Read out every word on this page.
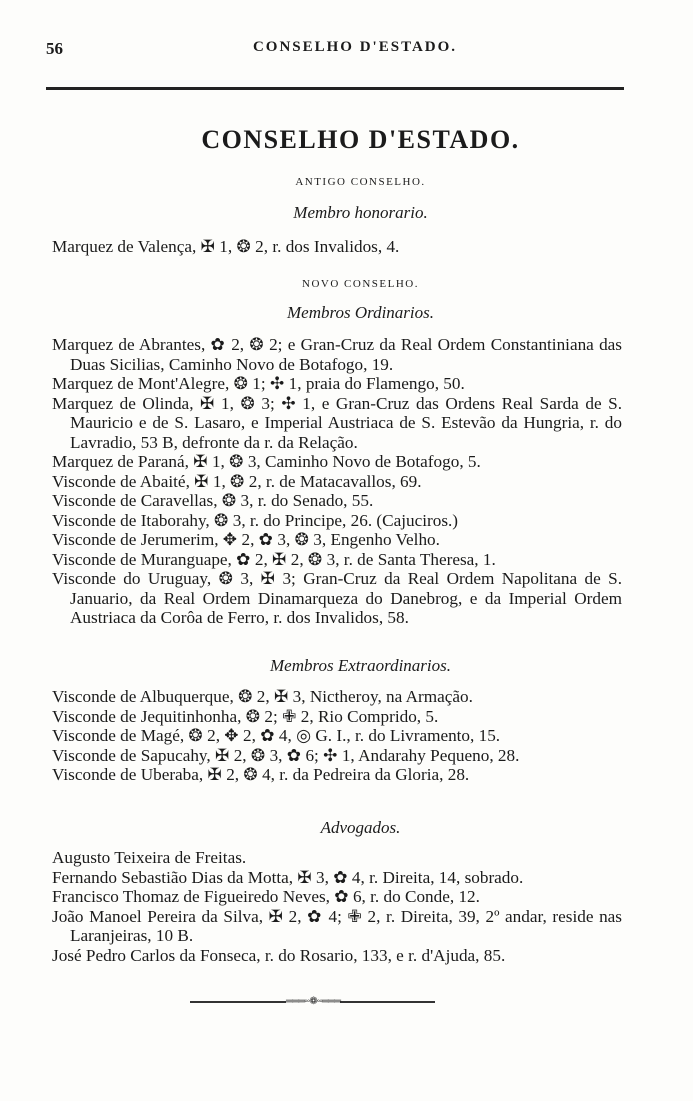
56	CONSELHO D'ESTADO.
CONSELHO D'ESTADO.
ANTIGO CONSELHO.
Membro honorario.

Marquez de Valença, ✠ 1, ❂ 2, r. dos Invalidos, 4.

NOVO CONSELHO.
Membros Ordinarios.

Marquez de Abrantes, ✿ 2, ❂ 2; e Gran-Cruz da Real Ordem Constantiniana das Duas Sicilias, Caminho Novo de Botafogo, 19.

Marquez de Mont'Alegre, ❂ 1; ✣ 1, praia do Flamengo, 50.

Marquez de Olinda, ✠ 1, ❂ 3; ✣ 1, e Gran-Cruz das Ordens Real Sarda de S. Mauricio e de S. Lasaro, e Imperial Austriaca de S. Estevão da Hungria, r. do Lavradio, 53 B, defronte da r. da Relação.

Marquez de Paraná, ✠ 1, ❂ 3, Caminho Novo de Botafogo, 5.

Visconde de Abaité, ✠ 1, ❂ 2, r. de Matacavallos, 69.

Visconde de Caravellas, ❂ 3, r. do Senado, 55.

Visconde de Itaborahy, ❂ 3, r. do Principe, 26. (Cajuciros.)

Visconde de Jerumerim, ✥ 2, ✿ 3, ❂ 3, Engenho Velho.

Visconde de Muranguape, ✿ 2, ✠ 2, ❂ 3, r. de Santa Theresa, 1.

Visconde do Uruguay, ❂ 3, ✠ 3; Gran-Cruz da Real Ordem Napolitana de S. Januario, da Real Ordem Dinamarqueza do Danebrog, e da Imperial Ordem Austriaca da Corôa de Ferro, r. dos Invalidos, 58.

Membros Extraordinarios.

Visconde de Albuquerque, ❂ 2, ✠ 3, Nictheroy, na Armação.

Visconde de Jequitinhonha, ❂ 2; ✙ 2, Rio Comprido, 5.

Visconde de Magé, ❂ 2, ✥ 2, ✿ 4, ◎ G. I., r. do Livramento, 15.

Visconde de Sapucahy, ✠ 2, ❂ 3, ✿ 6; ✣ 1, Andarahy Pequeno, 28.

Visconde de Uberaba, ✠ 2, ❂ 4, r. da Pedreira da Gloria, 28.

Advogados.

Augusto Teixeira de Freitas.

Fernando Sebastião Dias da Motta, ✠ 3, ✿ 4, r. Direita, 14, sobrado.

Francisco Thomaz de Figueiredo Neves, ✿ 6, r. do Conde, 12.

João Manoel Pereira da Silva, ✠ 2, ✿ 4; ✙ 2, r. Direita, 39, 2º andar, reside nas Laranjeiras, 10 B.

José Pedro Carlos da Fonseca, r. do Rosario, 133, e r. d'Ajuda, 85.

═══◦◦❁◦◦═══
